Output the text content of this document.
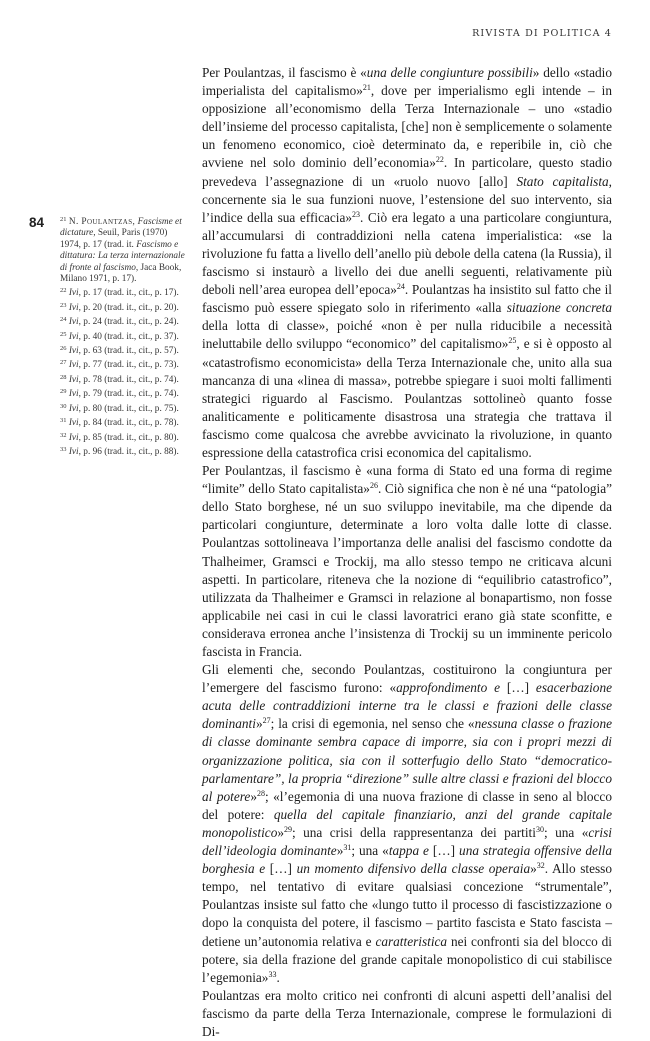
RIVISTA DI POLITICA 4
84 $^{21}$ N. Poulantzas, Fascisme et dictature, Seuil, Paris (1970) 1974, p. 17 (trad. it. Fascismo e dittatura: La terza internazionale di fronte al fascismo, Jaca Book, Milano 1971, p. 17).

$^{22}$ Ivi, p. 17 (trad. it., cit., p. 17).

$^{23}$ Ivi, p. 20 (trad. it., cit., p. 20).

$^{24}$ Ivi, p. 24 (trad. it., cit., p. 24).

$^{25}$ Ivi, p. 40 (trad. it., cit., p. 37).

$^{26}$ Ivi, p. 63 (trad. it., cit., p. 57).

$^{27}$ Ivi, p. 77 (trad. it., cit., p. 73).

$^{28}$ Ivi, p. 78 (trad. it., cit., p. 74).

$^{29}$ Ivi, p. 79 (trad. it., cit., p. 74).

$^{30}$ Ivi, p. 80 (trad. it., cit., p. 75).

$^{31}$ Ivi, p. 84 (trad. it., cit., p. 78).

$^{32}$ Ivi, p. 85 (trad. it., cit., p. 80).

$^{33}$ Ivi, p. 96 (trad. it., cit., p. 88).

Per Poulantzas, il fascismo è «una delle congiunture possibili» dello «stadio imperialista del capitalismo»$^{21}$, dove per imperialismo egli intende – in opposizione all’economismo della Terza Internazionale – uno «stadio dell’insieme del processo capitalista, [che] non è semplicemente o solamente un fenomeno economico, cioè determinato da, e reperibile in, ciò che avviene nel solo dominio dell’economia»$^{22}$. In particolare, questo stadio prevedeva l’assegnazione di un «ruolo nuovo [allo] Stato capitalista, concernente sia le sua funzioni nuove, l’estensione del suo intervento, sia l’indice della sua efficacia»$^{23}$. Ciò era legato a una particolare congiuntura, all’accumularsi di contraddizioni nella catena imperialistica: «se la rivoluzione fu fatta a livello dell’anello più debole della catena (la Russia), il fascismo si instaurò a livello dei due anelli seguenti, relativamente più deboli nell’area europea dell’epoca»$^{24}$. Poulantzas ha insistito sul fatto che il fascismo può essere spiegato solo in riferimento «alla situazione concreta della lotta di classe», poiché «non è per nulla riducibile a necessità ineluttabile dello sviluppo “economico” del capitalismo»$^{25}$, e si è opposto al «catastrofismo economicista» della Terza Internazionale che, unito alla sua mancanza di una «linea di massa», potrebbe spiegare i suoi molti fallimenti strategici riguardo al Fascismo. Poulantzas sottolineò quanto fosse analiticamente e politicamente disastrosa una strategia che trattava il fascismo come qualcosa che avrebbe avvicinato la rivoluzione, in quanto espressione della catastrofica crisi economica del capitalismo.

Per Poulantzas, il fascismo è «una forma di Stato ed una forma di regime “limite” dello Stato capitalista»$^{26}$. Ciò significa che non è né una “patologia” dello Stato borghese, né un suo sviluppo inevitabile, ma che dipende da particolari congiunture, determinate a loro volta dalle lotte di classe. Poulantzas sottolineava l’importanza delle analisi del fascismo condotte da Thalheimer, Gramsci e Trockij, ma allo stesso tempo ne criticava alcuni aspetti. In particolare, riteneva che la nozione di “equilibrio catastrofico”, utilizzata da Thalheimer e Gramsci in relazione al bonapartismo, non fosse applicabile nei casi in cui le classi lavoratrici erano già state sconfitte, e considerava erronea anche l’insistenza di Trockij su un imminente pericolo fascista in Francia.

Gli elementi che, secondo Poulantzas, costituirono la congiuntura per l’emergere del fascismo furono: «approfondimento e […] esacerbazione acuta delle contraddizioni interne tra le classi e frazioni delle classe dominanti»$^{27}$; la crisi di egemonia, nel senso che «nessuna classe o frazione di classe dominante sembra capace di imporre, sia con i propri mezzi di organizzazione politica, sia con il sotterfugio dello Stato “democratico-parlamentare”, la propria “direzione” sulle altre classi e frazioni del blocco al potere»$^{28}$; «l’egemonia di una nuova frazione di classe in seno al blocco del potere: quella del capitale finanziario, anzi del grande capitale monopolistico»$^{29}$; una crisi della rappresentanza dei partiti$^{30}$; una «crisi dell’ideologia dominante»$^{31}$; una «tappa e […] una strategia offensive della borghesia e […] un momento difensivo della classe operaia»$^{32}$. Allo stesso tempo, nel tentativo di evitare qualsiasi concezione “strumentale”, Poulantzas insiste sul fatto che «lungo tutto il processo di fascistizzazione o dopo la conquista del potere, il fascismo – partito fascista e Stato fascista – detiene un’autonomia relativa e caratteristica nei confronti sia del blocco di potere, sia della frazione del grande capitale monopolistico di cui stabilisce l’egemonia»$^{33}$.

Poulantzas era molto critico nei confronti di alcuni aspetti dell’analisi del fascismo da parte della Terza Internazionale, comprese le formulazioni di Di-
